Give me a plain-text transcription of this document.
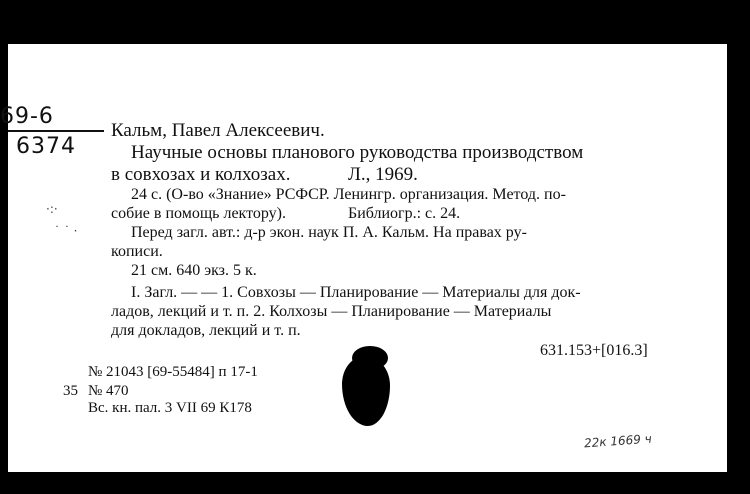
69-6
6374
·:·
˙ ˙ ·
Кальм, Павел Алексеевич.
Научные основы планового руководства производством
в совхозах и колхозах.	Л., 1969.
24 с. (О-во «Знание» РСФСР. Ленингр. организация. Метод. по-
собие в помощь лектору).	Библиогр.: с. 24.
Перед загл. авт.: д-р экон. наук П. А. Кальм. На правах ру-
кописи.
21 см. 640 экз. 5 к.
I. Загл. — — 1. Совхозы — Планирование — Материалы для док-
ладов, лекций и т. п. 2. Колхозы — Планирование — Материалы
для докладов, лекций и т. п.
631.153+[016.3]
№ 21043 [69-55484] п 17-1
35 № 470
Вс. кн. пал. 3 VII 69 К178
22к 1669 ч
